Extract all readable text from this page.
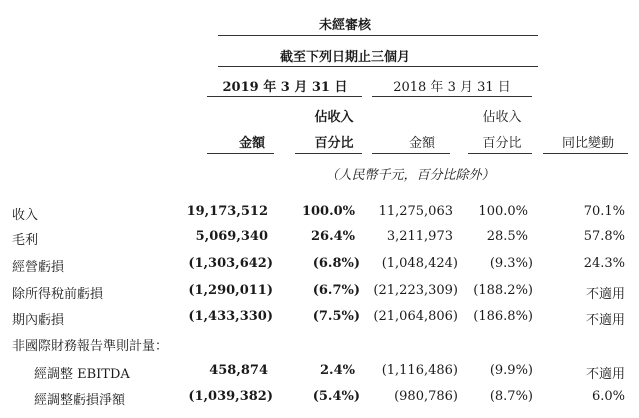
未經審核
截至下列日期止三個月
2019 年 3 月 31 日	2018 年 3 月 31 日
佔收入	佔收入
金額	百分比	金額	百分比	同比變動
（人民幣千元，百分比除外）
收入	19,173,512	100.0% 11,275,063 100.0%	70.1%
毛利	5,069,340	26.4% 3,211,973	28.5%	57.8%
經營虧損	(1,303,642)	(6.8%) (1,048,424) (9.3%)	24.3%
除所得稅前虧損	(1,290,011)	(6.7%) (21,223,309) (188.2%)	不適用
期內虧損	(1,433,330)	(7.5%) (21,064,806) (186.8%)	不適用
非國際財務報告準則計量：
經調整 EBITDA	458,874	2.4% (1,116,486) (9.9%)	不適用
經調整虧損淨額	(1,039,382)	(5.4%)	(980,786) (8.7%)	6.0%
